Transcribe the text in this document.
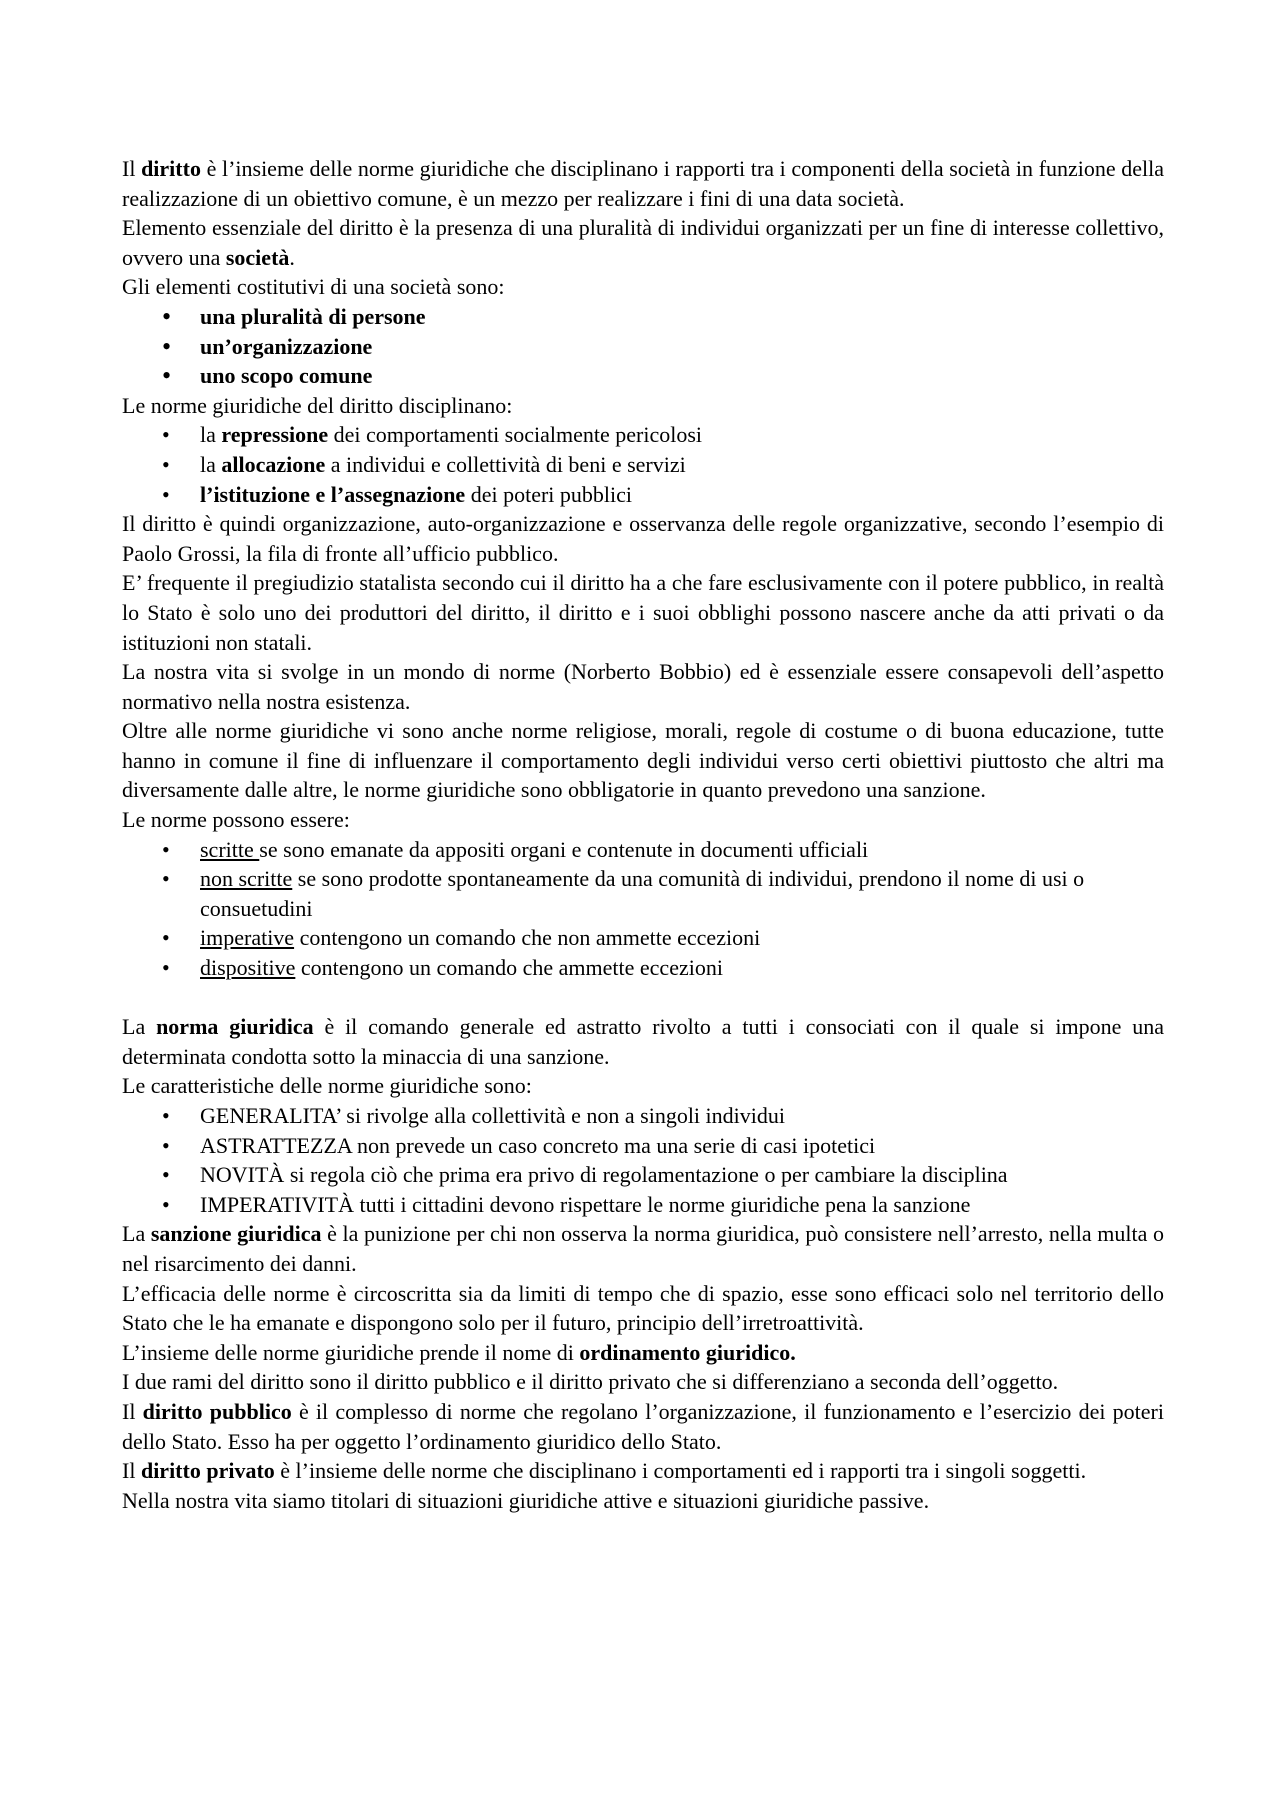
Il diritto è l’insieme delle norme giuridiche che disciplinano i rapporti tra i componenti della società in funzione della realizzazione di un obiettivo comune, è un mezzo per realizzare i fini di una data società.

Elemento essenziale del diritto è la presenza di una pluralità di individui organizzati per un fine di interesse collettivo, ovvero una società.

Gli elementi costitutivi di una società sono:

• una pluralità di persone
• un’organizzazione
• uno scopo comune

Le norme giuridiche del diritto disciplinano:

• la repressione dei comportamenti socialmente pericolosi
• la allocazione a individui e collettività di beni e servizi
• l’istituzione e l’assegnazione dei poteri pubblici

Il diritto è quindi organizzazione, auto-organizzazione e osservanza delle regole organizzative, secondo l’esempio di Paolo Grossi, la fila di fronte all’ufficio pubblico.

E’ frequente il pregiudizio statalista secondo cui il diritto ha a che fare esclusivamente con il potere pubblico, in realtà lo Stato è solo uno dei produttori del diritto, il diritto e i suoi obblighi possono nascere anche da atti privati o da istituzioni non statali.

La nostra vita si svolge in un mondo di norme (Norberto Bobbio) ed è essenziale essere consapevoli dell’aspetto normativo nella nostra esistenza.

Oltre alle norme giuridiche vi sono anche norme religiose, morali, regole di costume o di buona educazione, tutte hanno in comune il fine di influenzare il comportamento degli individui verso certi obiettivi piuttosto che altri ma diversamente dalle altre, le norme giuridiche sono obbligatorie in quanto prevedono una sanzione.

Le norme possono essere:

• scritte se sono emanate da appositi organi e contenute in documenti ufficiali
• non scritte se sono prodotte spontaneamente da una comunità di individui, prendono il nome di usi o consuetudini
• imperative contengono un comando che non ammette eccezioni
• dispositive contengono un comando che ammette eccezioni

La norma giuridica è il comando generale ed astratto rivolto a tutti i consociati con il quale si impone una determinata condotta sotto la minaccia di una sanzione.

Le caratteristiche delle norme giuridiche sono:

• GENERALITA’ si rivolge alla collettività e non a singoli individui
• ASTRATTEZZA non prevede un caso concreto ma una serie di casi ipotetici
• NOVITÀ si regola ciò che prima era privo di regolamentazione o per cambiare la disciplina
• IMPERATIVITÀ tutti i cittadini devono rispettare le norme giuridiche pena la sanzione

La sanzione giuridica è la punizione per chi non osserva la norma giuridica, può consistere nell’arresto, nella multa o nel risarcimento dei danni.

L’efficacia delle norme è circoscritta sia da limiti di tempo che di spazio, esse sono efficaci solo nel territorio dello Stato che le ha emanate e dispongono solo per il futuro, principio dell’irretroattività.

L’insieme delle norme giuridiche prende il nome di ordinamento giuridico.

I due rami del diritto sono il diritto pubblico e il diritto privato che si differenziano a seconda dell’oggetto.

Il diritto pubblico è il complesso di norme che regolano l’organizzazione, il funzionamento e l’esercizio dei poteri dello Stato. Esso ha per oggetto l’ordinamento giuridico dello Stato.

Il diritto privato è l’insieme delle norme che disciplinano i comportamenti ed i rapporti tra i singoli soggetti.

Nella nostra vita siamo titolari di situazioni giuridiche attive e situazioni giuridiche passive.
